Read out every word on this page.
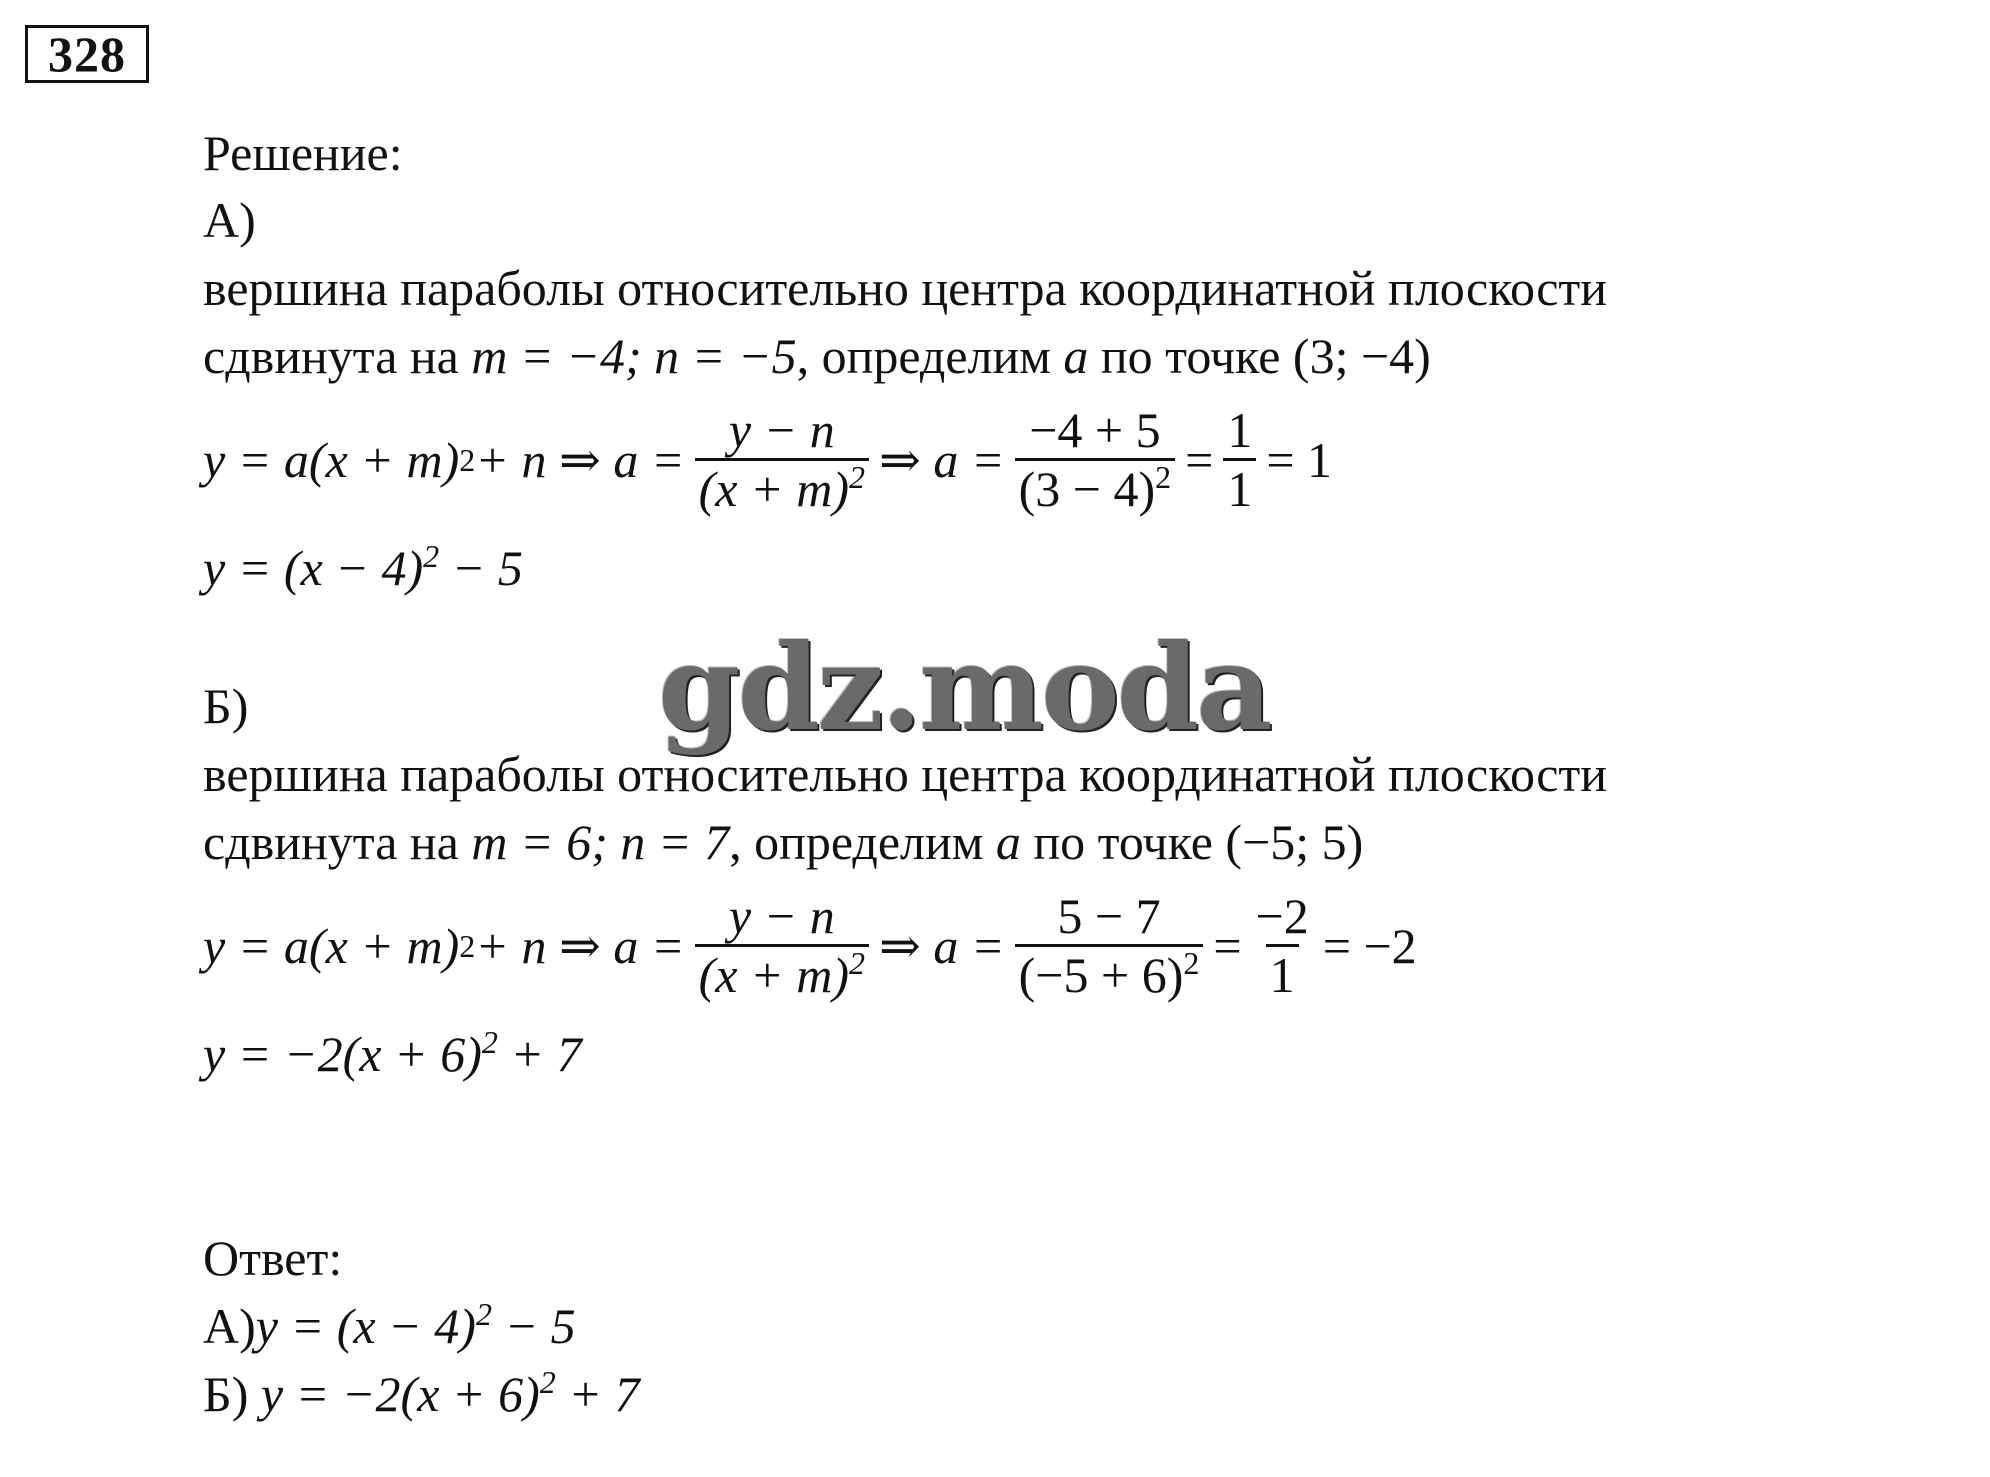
328
Решение:
А)
вершина параболы относительно центра координатной плоскости
сдвинута на m = −4; n = −5, определим a по точке (3; −4)
y = a(x + m) 2 + n ⇒ $a = \frac{y - n}{(x + m)^2}$ ⇒ $a = \frac{-4 + 5}{(3 - 4)^2} = \frac{1}{1} = 1$
$y = (x - 4)^2 - 5$
Б)
вершина параболы относительно центра координатной плоскости
сдвинута на m = 6; n = 7, определим a по точке (−5; 5)
y = a(x + m) 2 + n ⇒ $a = \frac{y - n}{(x + m)^2}$ ⇒ $a = \frac{5 - 7}{(-5 + 6)^2} = \frac{-2}{1} = -2$
$y = -2(x + 6)^2 + 7$
Ответ:
$А)y = (x - 4)^2 - 5$
Б) $y = -2(x + 6)^2 + 7$
gdz.moda
